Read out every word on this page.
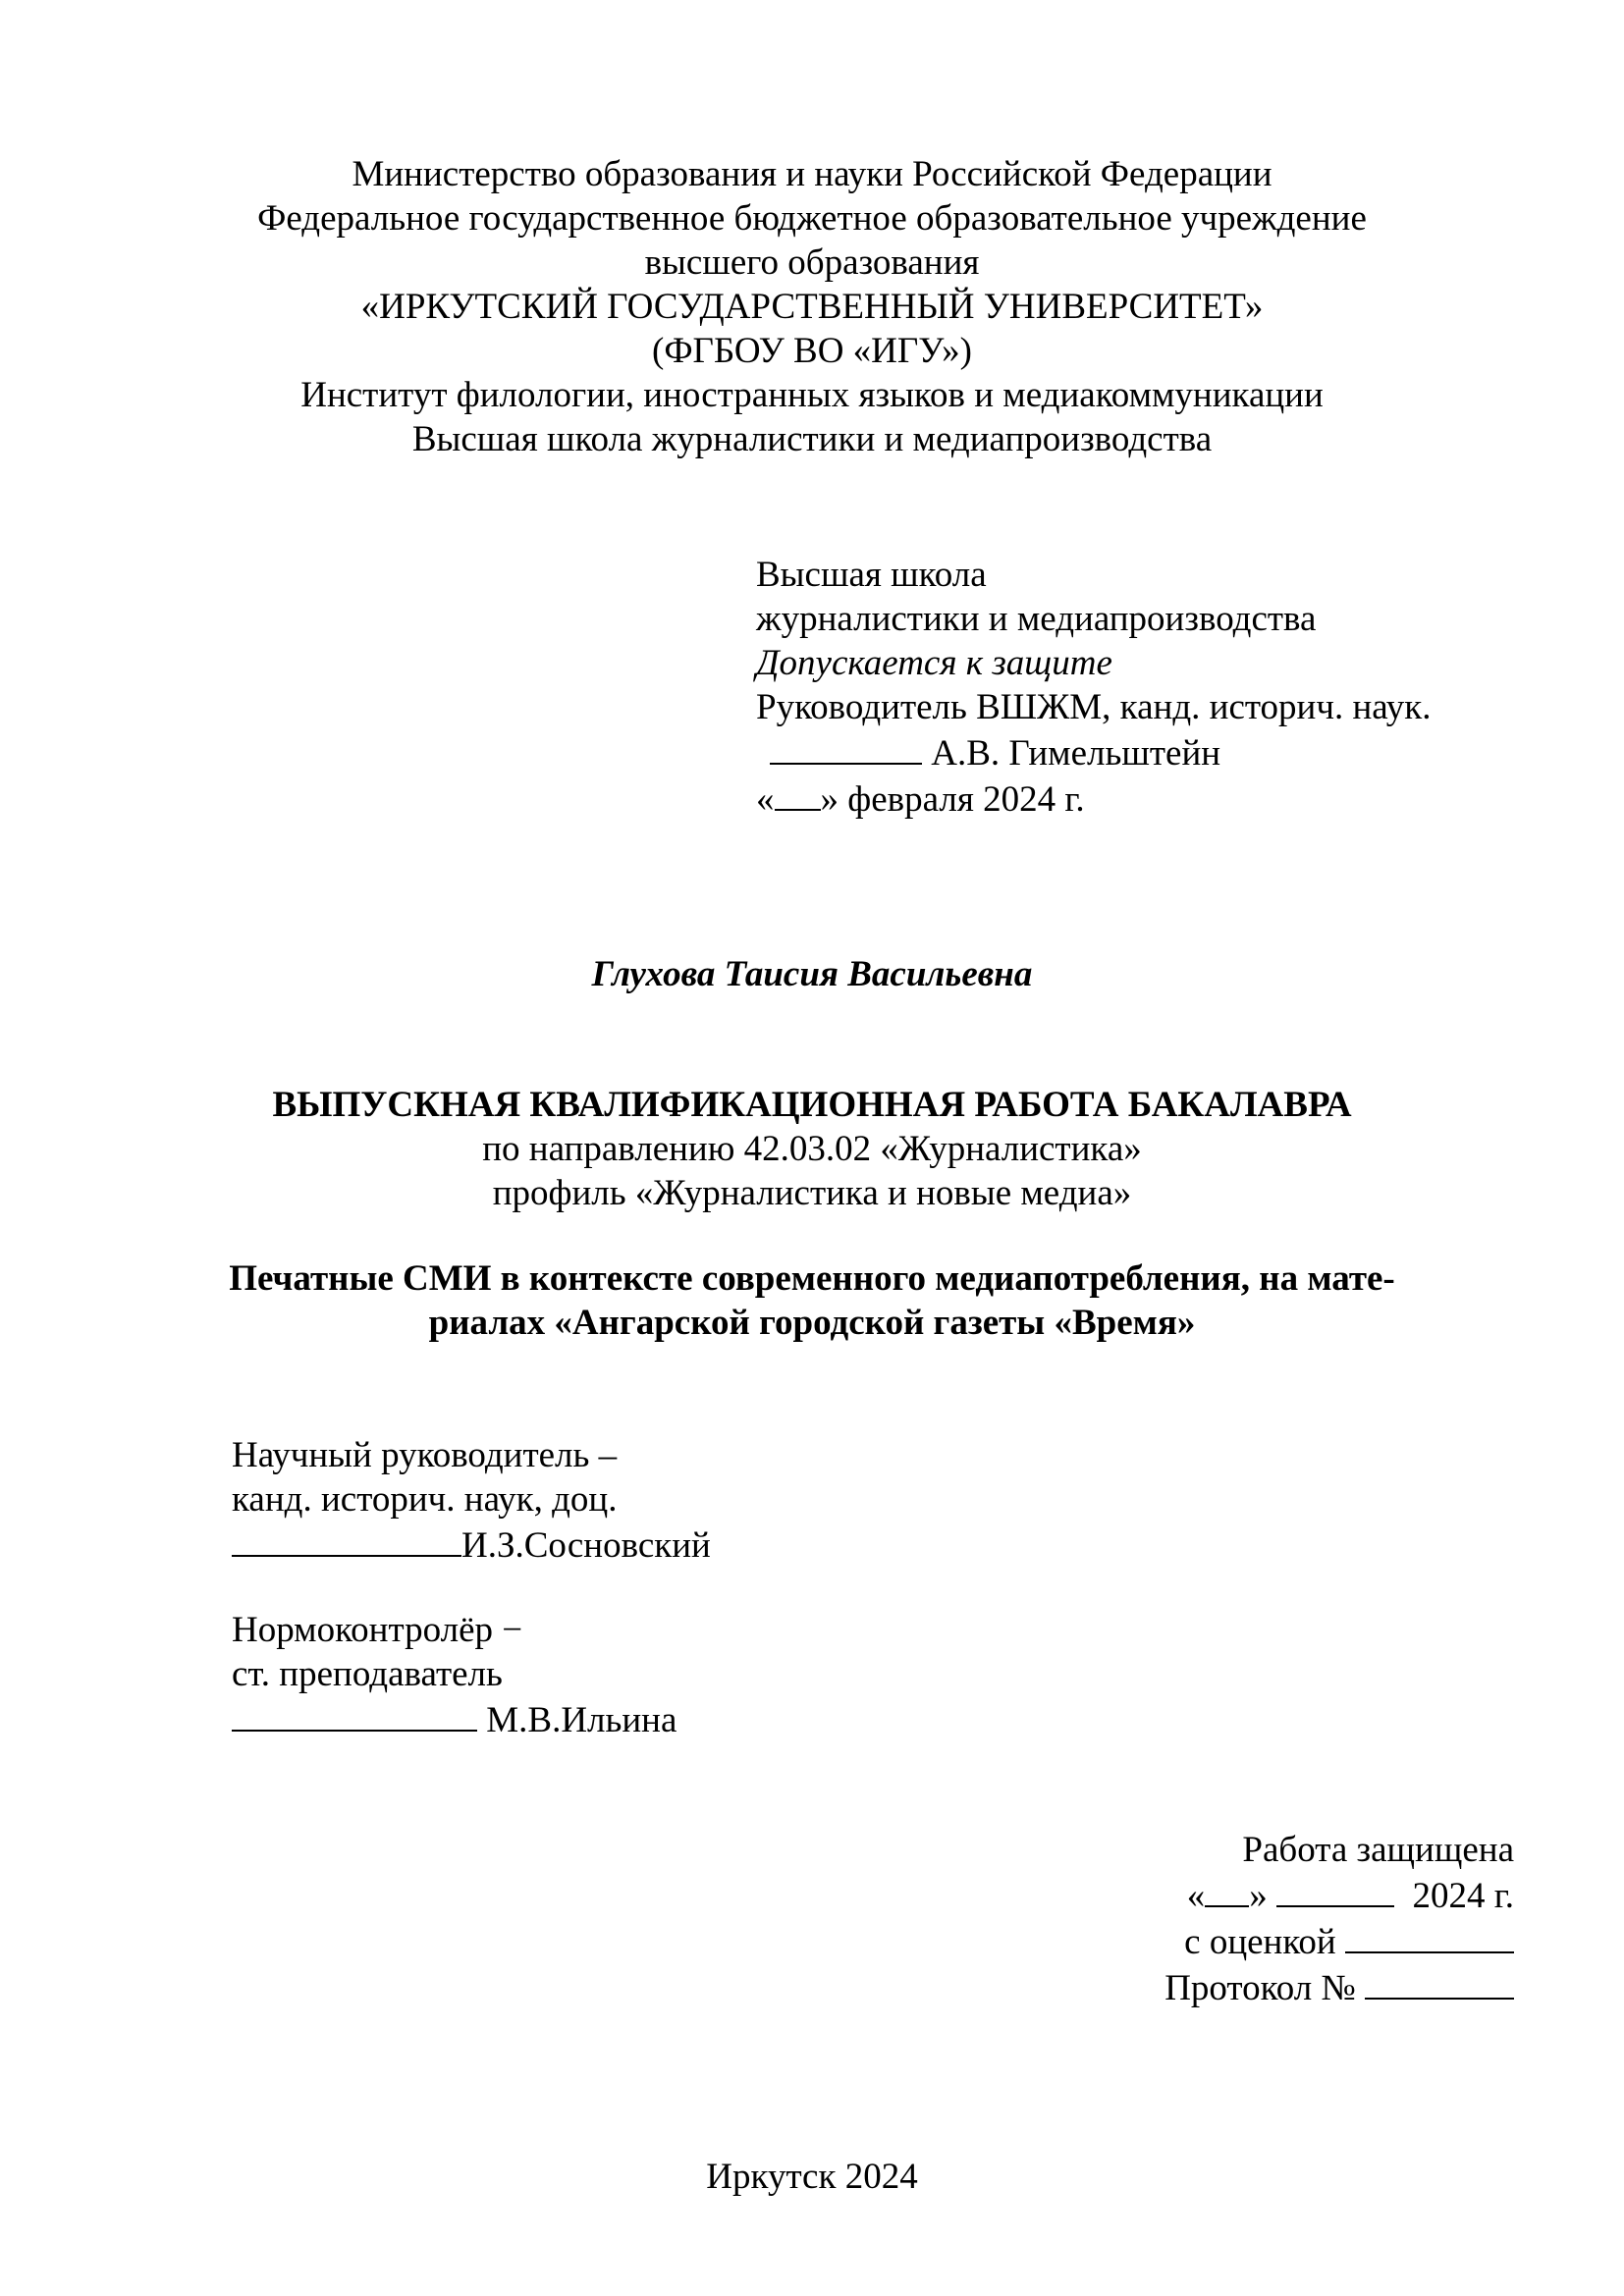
Министерство образования и науки Российской Федерации
Федеральное государственное бюджетное образовательное учреждение
высшего образования
«ИРКУТСКИЙ ГОСУДАРСТВЕННЫЙ УНИВЕРСИТЕТ»
(ФГБОУ ВО «ИГУ»)
Институт филологии, иностранных языков и медиакоммуникации
Высшая школа журналистики и медиапроизводства
Высшая школа
журналистики и медиапроизводства
Допускается к защите
Руководитель ВШЖМ, канд. историч. наук.
А.В. Гимельштейн
« » февраля 2024 г.
Глухова Таисия Васильевна
ВЫПУСКНАЯ КВАЛИФИКАЦИОННАЯ РАБОТА БАКАЛАВРА
по направлению 42.03.02 «Журналистика»
профиль «Журналистика и новые медиа»
Печатные СМИ в контексте современного медиапотребления, на мате-
риалах «Ангарской городской газеты «Время»
Научный руководитель –
канд. историч. наук, доц.
И.З.Сосновский
Нормоконтролёр −
ст. преподаватель
М.В.Ильина
Работа защищена
« »	2024 г.
с оценкой
Протокол №
Иркутск 2024
